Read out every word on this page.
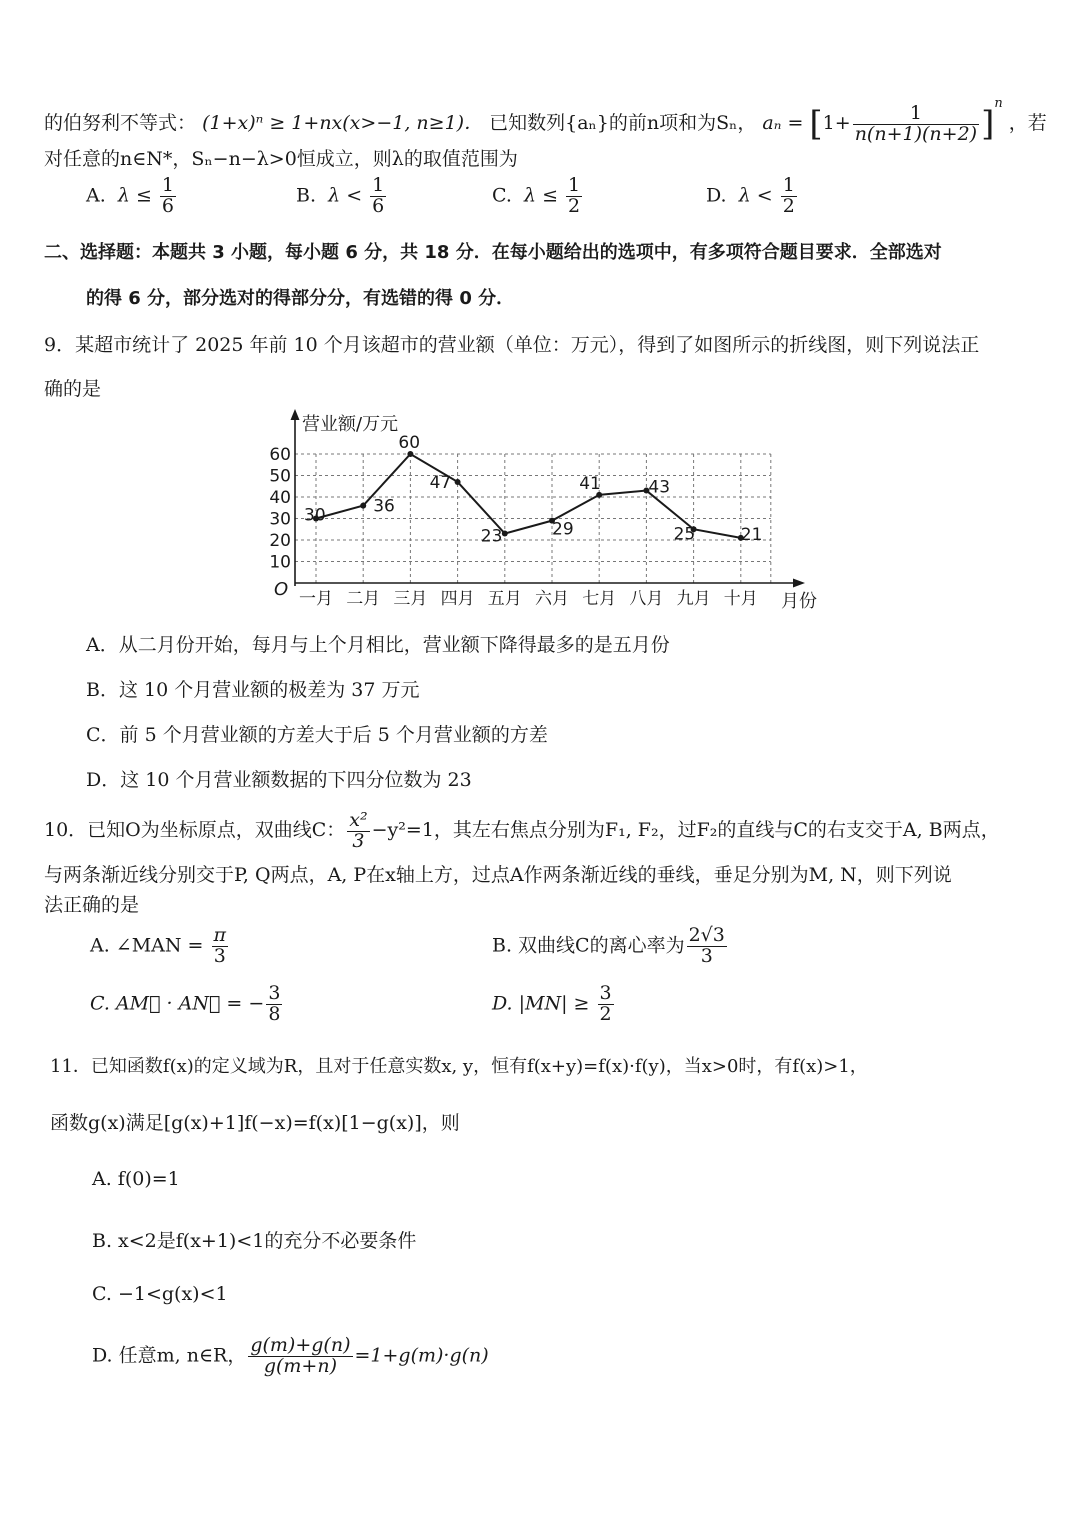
的伯努利不等式： (1+x)ⁿ ≥ 1+nx(x>−1, n≥1)． 已知数列{aₙ}的前n项和为Sₙ， $a_n = [1+ \frac{1}{n(n+1)(n+2)} ]^n$ ，若
对任意的n∈N*，Sₙ−n−λ>0恒成立，则λ的取值范围为
A. $\lambda \le \frac{1}{6}$	B. $\lambda < \frac{1}{6}$	C. $\lambda \le \frac{1}{2}$	D. $\lambda < \frac{1}{2}$
二、选择题：本题共 3 小题，每小题 6 分，共 18 分．在每小题给出的选项中，有多项符合题目要求．全部选对
的得 6 分，部分选对的得部分分，有选错的得 0 分．
9．某超市统计了 2025 年前 10 个月该超市的营业额（单位：万元），得到了如图所示的折线图，则下列说法正
确的是
营业额/万元
月份
O
10
20
30
40
50
60
一月 二月 三月 四月 五月 六月 七月 八月 九月 十月
30	36
60
47
23	29
41	43
25	21
A．从二月份开始，每月与上个月相比，营业额下降得最多的是五月份
B．这 10 个月营业额的极差为 37 万元
C．前 5 个月营业额的方差大于后 5 个月营业额的方差
D．这 10 个月营业额数据的下四分位数为 23
10．已知O为坐标原点，双曲线C： $\frac{\text{x²}}{3} -y^2=1$，其左右焦点分别为F₁, F₂，过F₂的直线与C的右支交于A, B两点，
与两条渐近线分别交于P, Q两点，A, P在x轴上方，过点A作两条渐近线的垂线，垂足分别为M, N，则下列说
法正确的是
A. ∠MAN = $\frac{\pi}{3}$	B. 双曲线C的离心率为 $\frac{2√3}{3}$
C. AM⃗ · AN⃗ = − $\frac{3}{8}$	D. $|MN| \ge \frac{3}{2}$
11．已知函数f(x)的定义域为R，且对于任意实数x, y，恒有f(x+y)=f(x)·f(y)，当x>0时，有f(x)>1，
函数g(x)满足[g(x)+1]f(−x)=f(x)[1−g(x)]，则
A. f(0)=1
B. x<2是f(x+1)<1的充分不必要条件
C. −1<g(x)<1
D. 任意m, n∈R， $\frac{g(m)+g(n)}{g(m+n)} =1+g(m)\cdot g(n)$
